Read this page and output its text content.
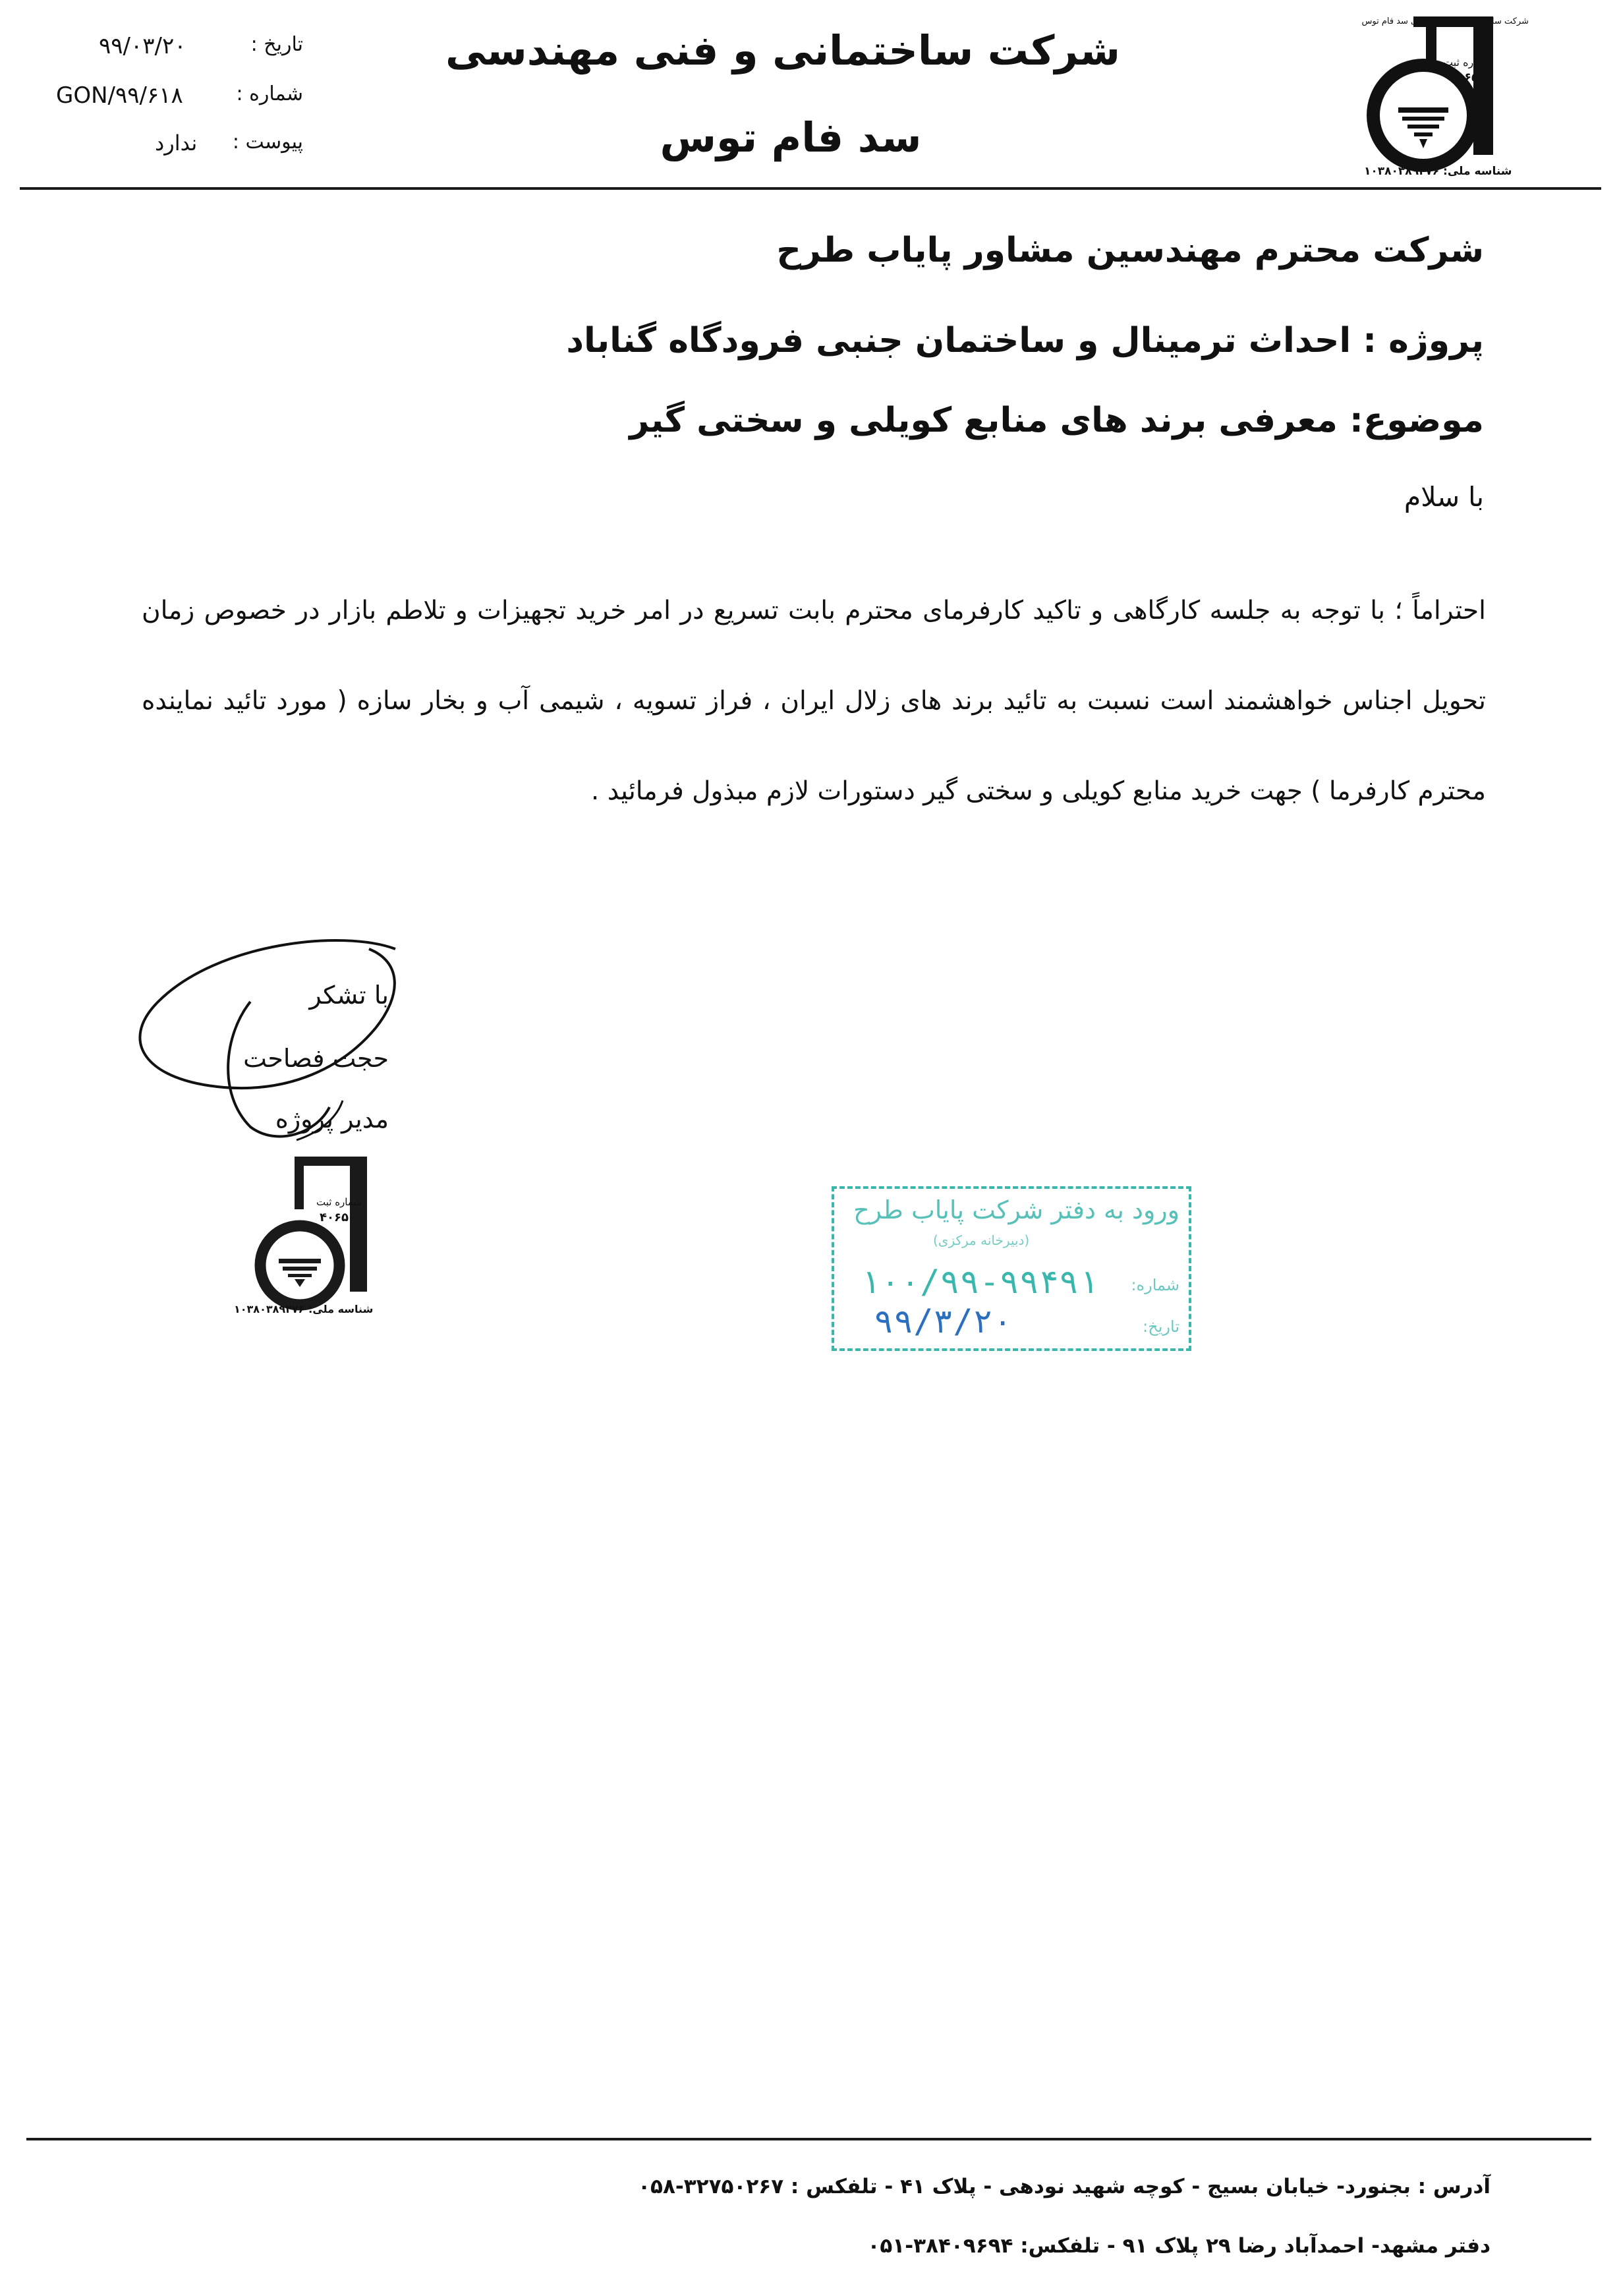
تاریخ :
۹۹/۰۳/۲۰
شماره :
GON/۹۹/۶۱۸
پیوست :
ندارد
شرکت ساختمانی و فنی مهندسی
سد فام توس
شرکت ساختمانی و فنی مهندسی سد فام توس
شماره ثبت
۴۰۶۵
شناسه ملی: ۱۰۳۸۰۳۸۹۲۷۶
شرکت محترم مهندسین مشاور پایاب طرح
پروژه : احداث ترمینال و ساختمان جنبی فرودگاه گناباد
موضوع: معرفی برند های منابع کویلی و سختی گیر
با سلام
احتراماً ؛ با توجه به جلسه کارگاهی و تاکید کارفرمای محترم بابت تسریع در امر خرید تجهیزات و تلاطم بازار در خصوص زمان تحویل اجناس خواهشمند است نسبت به تائید برند های زلال ایران ، فراز تسویه ، شیمی آب و بخار سازه ( مورد تائید نماینده محترم کارفرما ) جهت خرید منابع کویلی و سختی گیر دستورات لازم مبذول فرمائید .
با تشکر
حجت فصاحت
مدیر پروژه
شماره ثبت
۴۰۶۵
شناسه ملی: ۱۰۳۸۰۳۸۹۲۷۶
ورود به دفتر شرکت پایاب طرح
(دبیرخانه مرکزی)
شماره:
۱۰۰/۹۹-۹۹۴۹۱
تاریخ:
۹۹/۳/۲۰
آدرس : بجنورد- خیابان بسیج - کوچه شهید نودهی - پلاک ۴۱ - تلفکس : ۳۲۷۵۰۲۶۷-۰۵۸
دفتر مشهد- احمدآباد رضا ۲۹ پلاک ۹۱ - تلفکس: ۳۸۴۰۹۶۹۴-۰۵۱
